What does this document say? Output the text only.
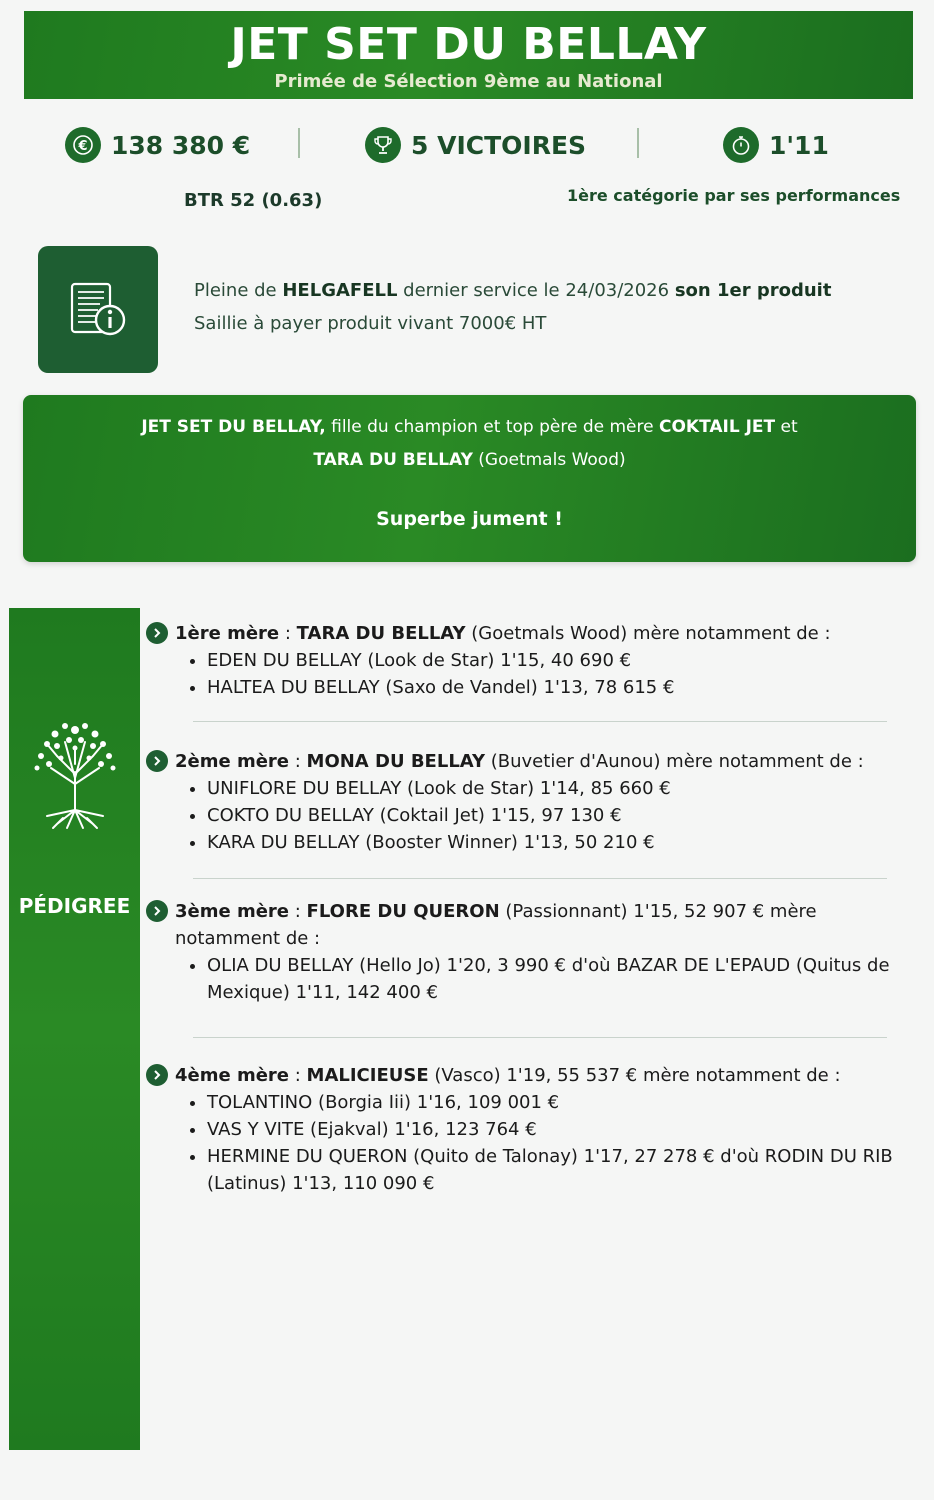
JET SET DU BELLAY
Primée de Sélection 9ème au National
€ 138 380 €	5 VICTOIRES	1'11
BTR 52 (0.63)	1ère catégorie par ses performances
Pleine de HELGAFELL dernier service le 24/03/2026 son 1er produit
Saillie à payer produit vivant 7000€ HT
JET SET DU BELLAY, fille du champion et top père de mère COKTAIL JET et
TARA DU BELLAY (Goetmals Wood)
Superbe jument !
PÉDIGREE
1ère mère : TARA DU BELLAY (Goetmals Wood) mère notamment de :
• EDEN DU BELLAY (Look de Star) 1'15, 40 690 €
• HALTEA DU BELLAY (Saxo de Vandel) 1'13, 78 615 €
2ème mère : MONA DU BELLAY (Buvetier d'Aunou) mère notamment de :
• UNIFLORE DU BELLAY (Look de Star) 1'14, 85 660 €
• COKTO DU BELLAY (Coktail Jet) 1'15, 97 130 €
• KARA DU BELLAY (Booster Winner) 1'13, 50 210 €
3ème mère : FLORE DU QUERON (Passionnant) 1'15, 52 907 € mère notamment de :
• OLIA DU BELLAY (Hello Jo) 1'20, 3 990 € d'où BAZAR DE L'EPAUD (Quitus de Mexique) 1'11, 142 400 €
4ème mère : MALICIEUSE (Vasco) 1'19, 55 537 € mère notamment de :
• TOLANTINO (Borgia Iii) 1'16, 109 001 €
• VAS Y VITE (Ejakval) 1'16, 123 764 €
• HERMINE DU QUERON (Quito de Talonay) 1'17, 27 278 € d'où RODIN DU RIB (Latinus) 1'13, 110 090 €
